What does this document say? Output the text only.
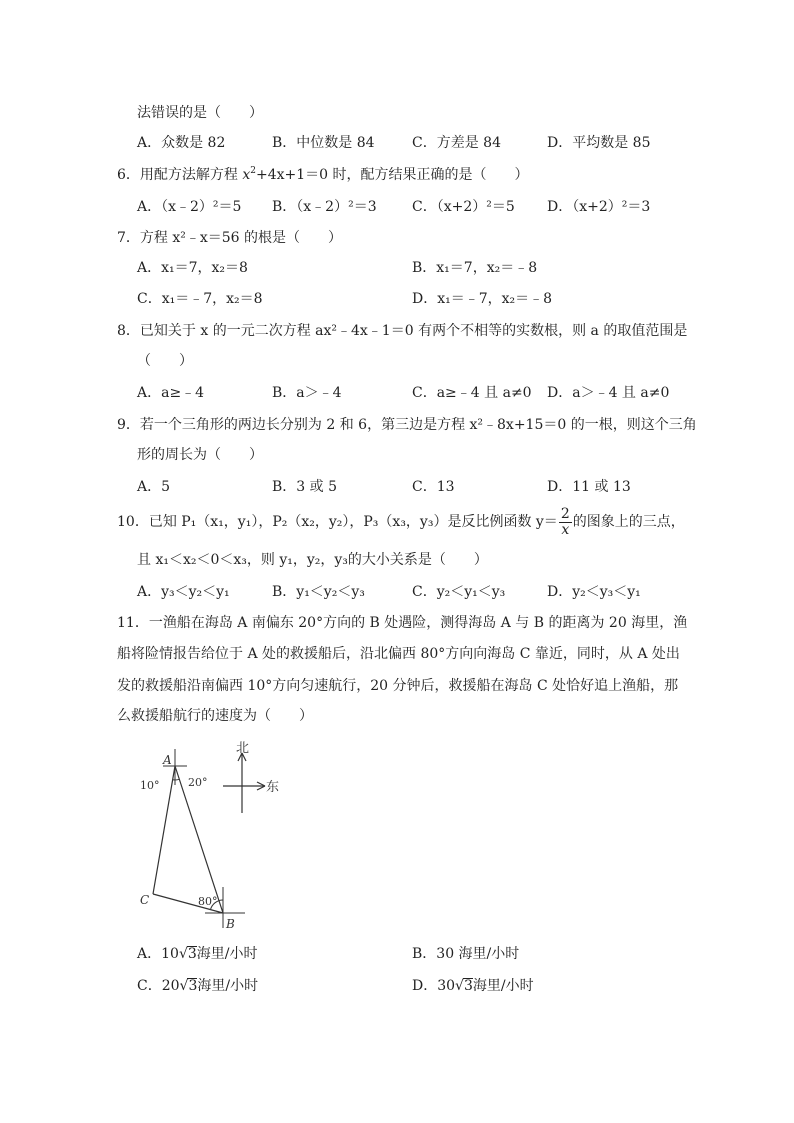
法错误的是（　　）
A．众数是 82	B．中位数是 84	C．方差是 84	D．平均数是 85
6．用配方法解方程 $x^2+4x+1=0$ 时，配方结果正确的是（　　）
A．（x﹣2）²＝5 B．（x﹣2）²＝3	C．（x+2）²＝5 D．（x+2）²＝3
7．方程 x²﹣x＝56 的根是（　　）
A．x₁＝7，x₂＝8	B．x₁＝7，x₂＝﹣8
C．x₁＝﹣7，x₂＝8	D．x₁＝﹣7，x₂＝﹣8
8．已知关于 x 的一元二次方程 ax²﹣4x﹣1＝0 有两个不相等的实数根，则 a 的取值范围是
（　　）
A．a≥﹣4	B．a＞﹣4	C．a≥﹣4 且 a≠0 D．a＞﹣4 且 a≠0
9．若一个三角形的两边长分别为 2 和 6，第三边是方程 x²﹣8x+15＝0 的一根，则这个三角
形的周长为（　　）
A．5	B．3 或 5	C．13	D．11 或 13
10．已知 P₁（x₁，y₁），P₂（x₂，y₂），P₃（x₃，y₃）是反比例函数 $y= \frac{2}{x}$ 的图象上的三点，
且 x₁＜x₂＜0＜x₃，则 y₁，y₂，y₃的大小关系是（　　）
A．y₃＜y₂＜y₁	B．y₁＜y₂＜y₃	C．y₂＜y₁＜y₃	D．y₂＜y₃＜y₁
11．一渔船在海岛 A 南偏东 20°方向的 B 处遇险，测得海岛 A 与 B 的距离为 20 海里，渔
船将险情报告给位于 A 处的救援船后，沿北偏西 80°方向向海岛 C 靠近，同时，从 A 处出
发的救援船沿南偏西 10°方向匀速航行，20 分钟后，救援船在海岛 C 处恰好追上渔船，那
么救援船航行的速度为（　　）
北
东
A
10°	20°
C	80°
B
A．10√3海里/小时	B．30 海里/小时
C．20√3海里/小时	D．30√3海里/小时
